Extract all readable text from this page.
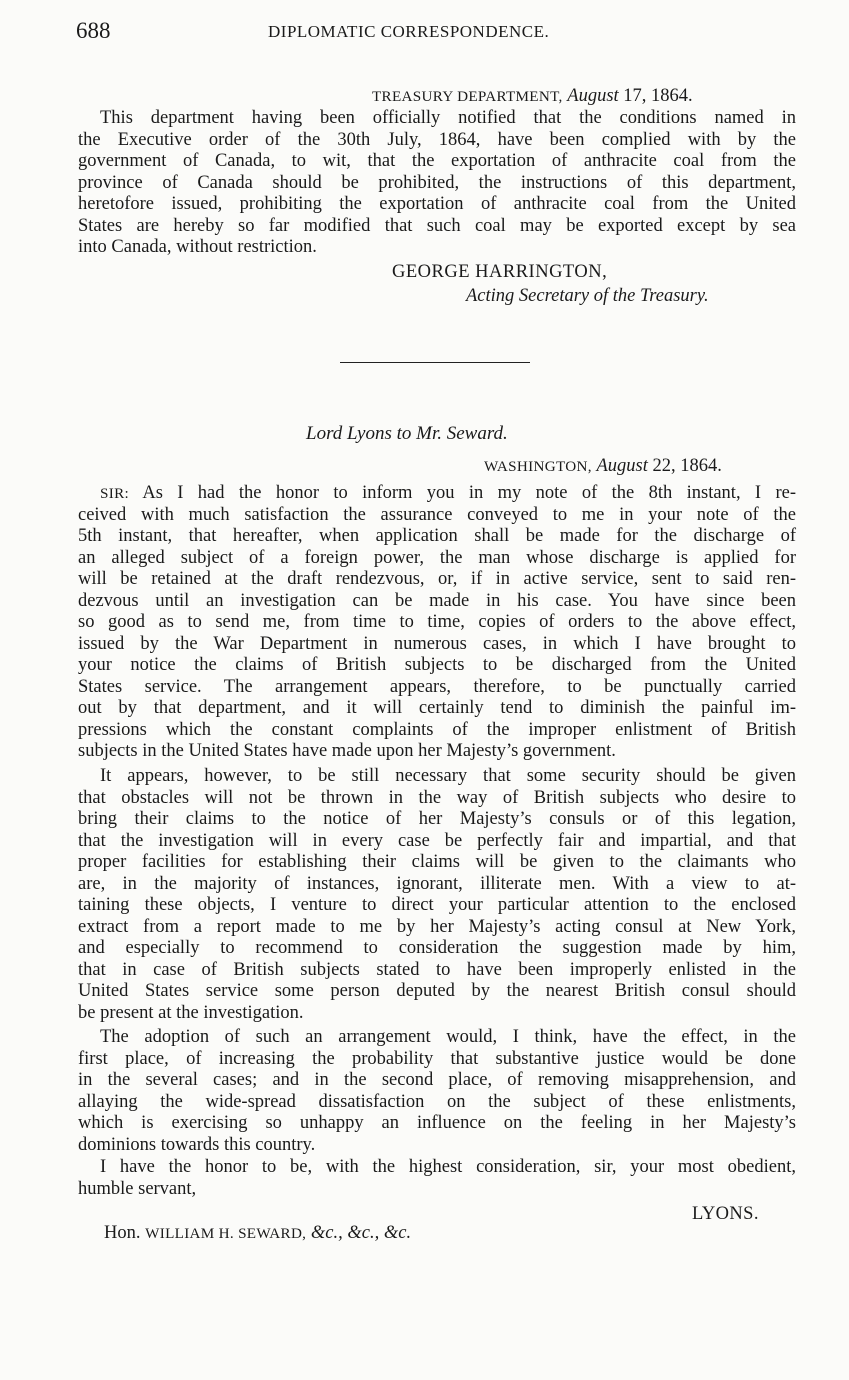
688	DIPLOMATIC CORRESPONDENCE.
TREASURY DEPARTMENT, August 17, 1864.
This department having been officially notified that the conditions named in
the Executive order of the 30th July, 1864, have been complied with by the
government of Canada, to wit, that the exportation of anthracite coal from the
province of Canada should be prohibited, the instructions of this department,
heretofore issued, prohibiting the exportation of anthracite coal from the United
States are hereby so far modified that such coal may be exported except by sea
into Canada, without restriction.
GEORGE HARRINGTON,
Acting Secretary of the Treasury.
Lord Lyons to Mr. Seward.
WASHINGTON, August 22, 1864.
SIR: As I had the honor to inform you in my note of the 8th instant, I re-
ceived with much satisfaction the assurance conveyed to me in your note of the
5th instant, that hereafter, when application shall be made for the discharge of
an alleged subject of a foreign power, the man whose discharge is applied for
will be retained at the draft rendezvous, or, if in active service, sent to said ren-
dezvous until an investigation can be made in his case. You have since been
so good as to send me, from time to time, copies of orders to the above effect,
issued by the War Department in numerous cases, in which I have brought to
your notice the claims of British subjects to be discharged from the United
States service. The arrangement appears, therefore, to be punctually carried
out by that department, and it will certainly tend to diminish the painful im-
pressions which the constant complaints of the improper enlistment of British
subjects in the United States have made upon her Majesty’s government.
It appears, however, to be still necessary that some security should be given
that obstacles will not be thrown in the way of British subjects who desire to
bring their claims to the notice of her Majesty’s consuls or of this legation,
that the investigation will in every case be perfectly fair and impartial, and that
proper facilities for establishing their claims will be given to the claimants who
are, in the majority of instances, ignorant, illiterate men. With a view to at-
taining these objects, I venture to direct your particular attention to the enclosed
extract from a report made to me by her Majesty’s acting consul at New York,
and especially to recommend to consideration the suggestion made by him,
that in case of British subjects stated to have been improperly enlisted in the
United States service some person deputed by the nearest British consul should
be present at the investigation.
The adoption of such an arrangement would, I think, have the effect, in the
first place, of increasing the probability that substantive justice would be done
in the several cases; and in the second place, of removing misapprehension, and
allaying the wide-spread dissatisfaction on the subject of these enlistments,
which is exercising so unhappy an influence on the feeling in her Majesty’s
dominions towards this country.
I have the honor to be, with the highest consideration, sir, your most obedient,
humble servant,
LYONS.
Hon. WILLIAM H. SEWARD, &c., &c., &c.
